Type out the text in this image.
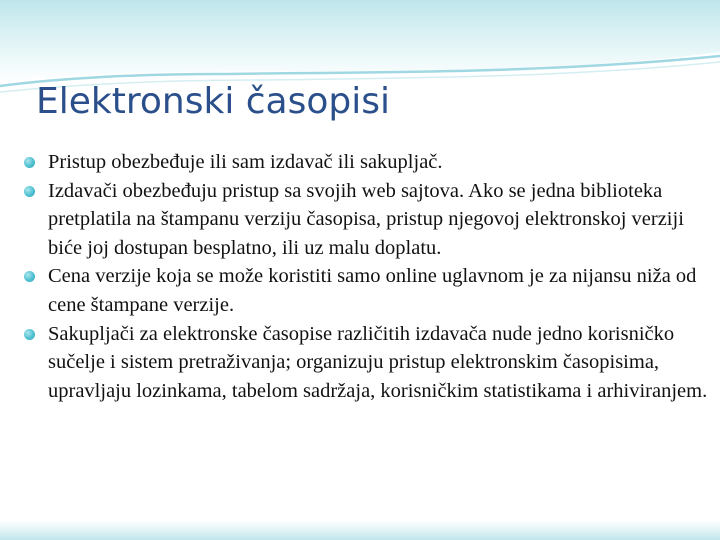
Elektronski časopisi
Pristup obezbeđuje ili sam izdavač ili sakupljač.
Izdavači obezbeđuju pristup sa svojih web sajtova. Ako se jedna biblioteka pretplatila na štampanu verziju časopisa, pristup njegovoj elektronskoj verziji biće joj dostupan besplatno, ili uz malu doplatu.
Cena verzije koja se može koristiti samo online uglavnom je za nijansu niža od cene štampane verzije.
Sakupljači za elektronske časopise različitih izdavača nude jedno korisničko sučelje i sistem pretraživanja; organizuju pristup elektronskim časopisima, upravljaju lozinkama, tabelom sadržaja, korisničkim statistikama i arhiviranjem.
